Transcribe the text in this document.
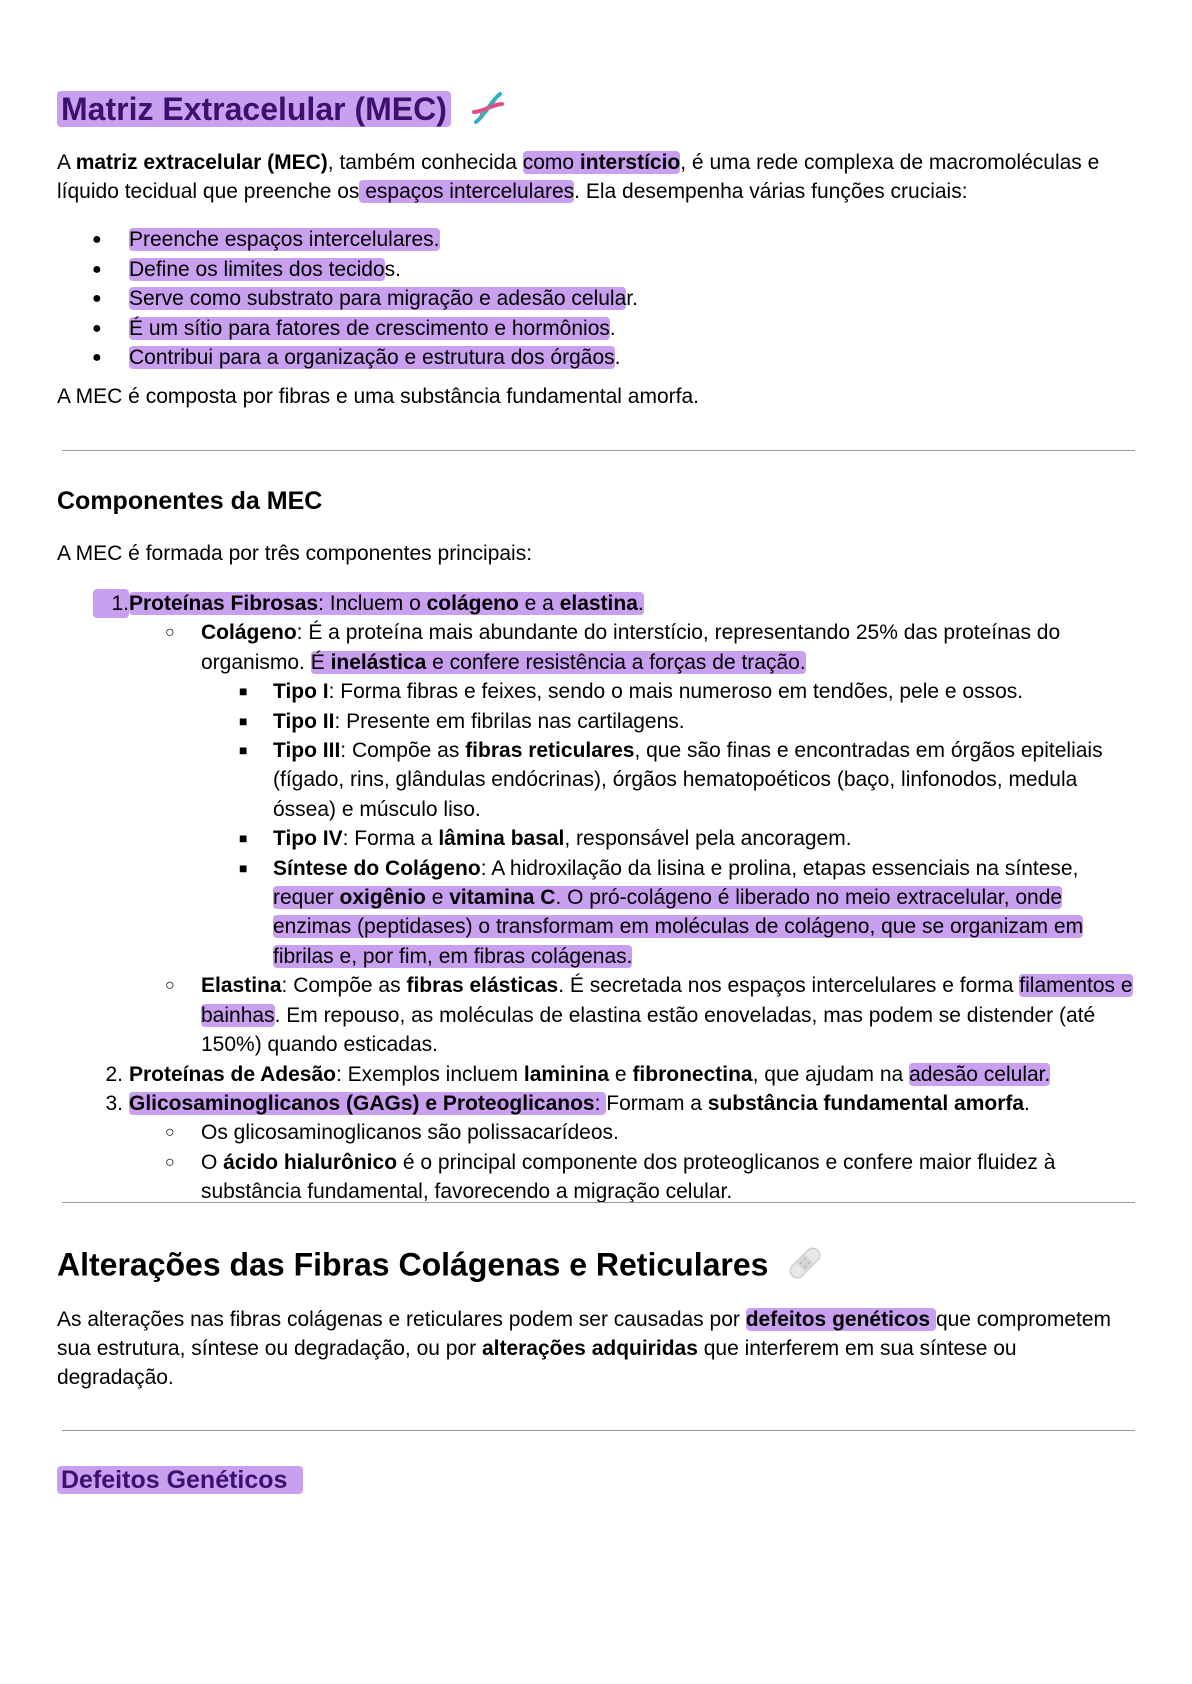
Matriz Extracelular (MEC)

A matriz extracelular (MEC), também conhecida como interstício, é uma rede complexa de macromoléculas e líquido tecidual que preenche os espaços intercelulares. Ela desempenha várias funções cruciais:

● Preenche espaços intercelulares.
● Define os limites dos tecidos.
● Serve como substrato para migração e adesão celular.
● É um sítio para fatores de crescimento e hormônios.
● Contribui para a organização e estrutura dos órgãos.

A MEC é composta por fibras e uma substância fundamental amorfa.

Componentes da MEC

A MEC é formada por três componentes principais:

1. Proteínas Fibrosas: Incluem o colágeno e a elastina.
○ Colágeno: É a proteína mais abundante do interstício, representando 25% das proteínas do organismo. É inelástica e confere resistência a forças de tração.
■ Tipo I: Forma fibras e feixes, sendo o mais numeroso em tendões, pele e ossos.
■ Tipo II: Presente em fibrilas nas cartilagens.
■ Tipo III: Compõe as fibras reticulares, que são finas e encontradas em órgãos epiteliais (fígado, rins, glândulas endócrinas), órgãos hematopoéticos (baço, linfonodos, medula óssea) e músculo liso.
■ Tipo IV: Forma a lâmina basal, responsável pela ancoragem.
■ Síntese do Colágeno: A hidroxilação da lisina e prolina, etapas essenciais na síntese, requer oxigênio e vitamina C. O pró-colágeno é liberado no meio extracelular, onde enzimas (peptidases) o transformam em moléculas de colágeno, que se organizam em fibrilas e, por fim, em fibras colágenas.
○ Elastina: Compõe as fibras elásticas. É secretada nos espaços intercelulares e forma filamentos e bainhas. Em repouso, as moléculas de elastina estão enoveladas, mas podem se distender (até 150%) quando esticadas.
2. Proteínas de Adesão: Exemplos incluem laminina e fibronectina, que ajudam na adesão celular.
3. Glicosaminoglicanos (GAGs) e Proteoglicanos: Formam a substância fundamental amorfa.
○ Os glicosaminoglicanos são polissacarídeos.
○ O ácido hialurônico é o principal componente dos proteoglicanos e confere maior fluidez à substância fundamental, favorecendo a migração celular.
Alterações das Fibras Colágenas e Reticulares

As alterações nas fibras colágenas e reticulares podem ser causadas por defeitos genéticos que comprometem sua estrutura, síntese ou degradação, ou por alterações adquiridas que interferem em sua síntese ou degradação.

Defeitos Genéticos
